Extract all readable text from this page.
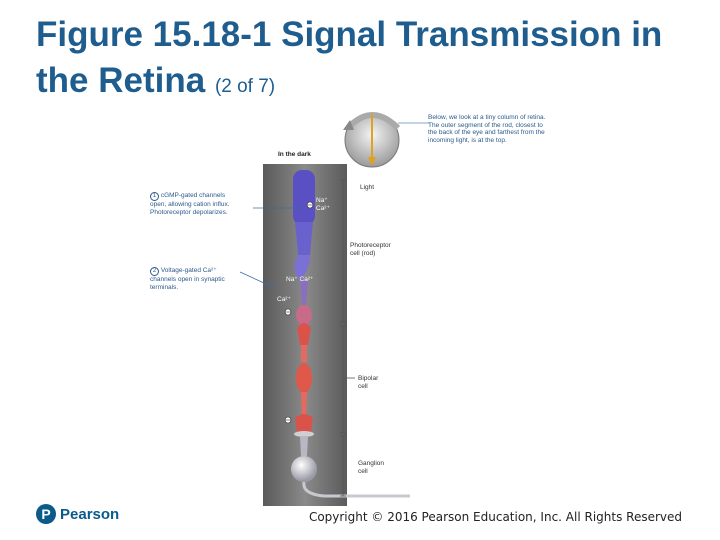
Figure 15.18-1 Signal Transmission in the Retina (2 of 7)
Below, we look at a tiny column of retina.
The outer segment of the rod, closest to
the back of the eye and farthest from the
incoming light, is at the top.
In the dark
Light
Na⁺
Ca²⁺
1 cGMP-gated channels
open, allowing cation influx.
Photoreceptor depolarizes.
2 Voltage-gated Ca²⁺
channels open in synaptic
terminals.
Na⁺ Ca²⁺
Ca²⁺
Photoreceptor
cell (rod)
Bipolar
cell
Ganglion
cell
P Pearson	Copyright © 2016 Pearson Education, Inc. All Rights Reserved
